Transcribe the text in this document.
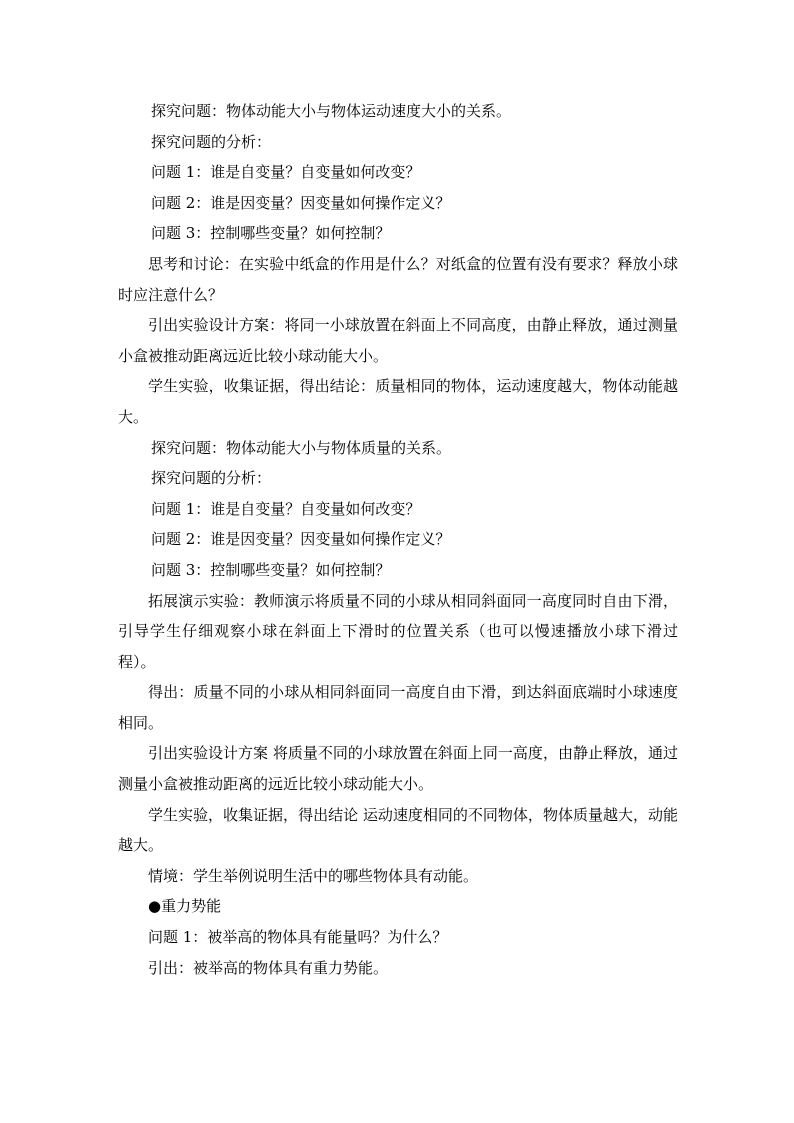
探究问题：物体动能大小与物体运动速度大小的关系。

探究问题的分析：

问题 1：谁是自变量？自变量如何改变？

问题 2：谁是因变量？因变量如何操作定义？

问题 3：控制哪些变量？如何控制？

思考和讨论：在实验中纸盒的作用是什么？对纸盒的位置有没有要求？释放小球时应注意什么？

引出实验设计方案：将同一小球放置在斜面上不同高度，由静止释放，通过测量小盒被推动距离远近比较小球动能大小。

学生实验，收集证据，得出结论：质量相同的物体，运动速度越大，物体动能越大。

探究问题：物体动能大小与物体质量的关系。

探究问题的分析：

问题 1：谁是自变量？自变量如何改变？

问题 2：谁是因变量？因变量如何操作定义？

问题 3：控制哪些变量？如何控制？

拓展演示实验：教师演示将质量不同的小球从相同斜面同一高度同时自由下滑，引导学生仔细观察小球在斜面上下滑时的位置关系（也可以慢速播放小球下滑过程）。

得出：质量不同的小球从相同斜面同一高度自由下滑，到达斜面底端时小球速度相同。

引出实验设计方案 将质量不同的小球放置在斜面上同一高度，由静止释放，通过测量小盒被推动距离的远近比较小球动能大小。

学生实验，收集证据，得出结论 运动速度相同的不同物体，物体质量越大，动能越大。

情境：学生举例说明生活中的哪些物体具有动能。

●重力势能

问题 1：被举高的物体具有能量吗？为什么？

引出：被举高的物体具有重力势能。
